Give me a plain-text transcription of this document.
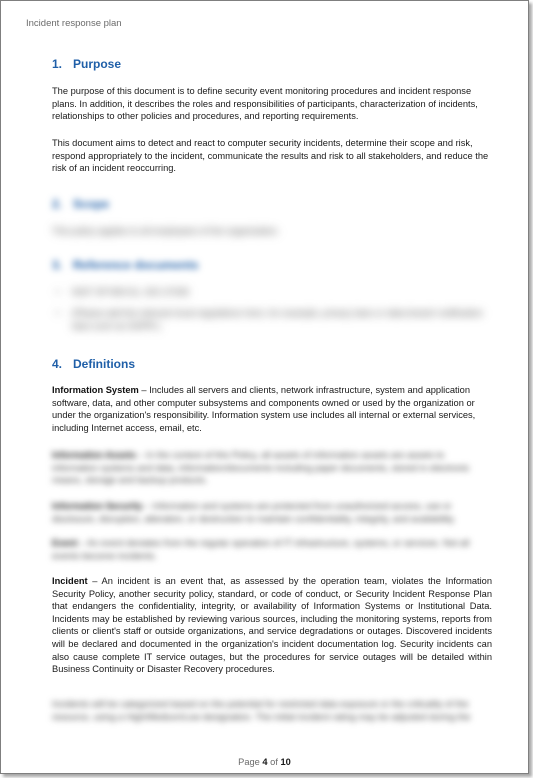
Incident response plan
1. Purpose

The purpose of this document is to define security event monitoring procedures and incident response plans. In addition, it describes the roles and responsibilities of participants, characterization of incidents, relationships to other policies and procedures, and reporting requirements.

This document aims to detect and react to computer security incidents, determine their scope and risk, respond appropriately to the incident, communicate the results and risk to all stakeholders, and reduce the risk of an incident reoccurring.

2. Scope

This policy applies to all employees of the organization.

3. Reference documents
• NIST SP 800-61, ISO 27035
• (Please add the relevant local regulations here, for example, privacy laws or data breach notification laws such as GDPR.)
4. Definitions

Information System – Includes all servers and clients, network infrastructure, system and application software, data, and other computer subsystems and components owned or used by the organization or under the organization's responsibility. Information system use includes all internal or external services, including Internet access, email, etc.

Information Assets – In the context of this Policy, all assets of information assets are assets to information systems and data, information/documents including paper documents, stored in electronic means, storage and backup products.

Information Security – Information and systems are protected from unauthorized access, use or disclosure, disruption, alteration, or destruction to maintain confidentiality, integrity, and availability.

Event – An event deviates from the regular operation of IT infrastructure, systems, or services. Not all events become incidents.

Incident – An incident is an event that, as assessed by the operation team, violates the Information Security Policy, another security policy, standard, or code of conduct, or Security Incident Response Plan that endangers the confidentiality, integrity, or availability of Information Systems or Institutional Data. Incidents may be established by reviewing various sources, including the monitoring systems, reports from clients or client's staff or outside organizations, and service degradations or outages. Discovered incidents will be declared and documented in the organization's incident documentation log. Security incidents can also cause complete IT service outages, but the procedures for service outages will be detailed within Business Continuity or Disaster Recovery procedures.

Incidents will be categorized based on the potential for restricted data exposure or the criticality of the resource, using a High/Medium/Low designation. The initial incident rating may be adjusted during the

Page 4 of 10
